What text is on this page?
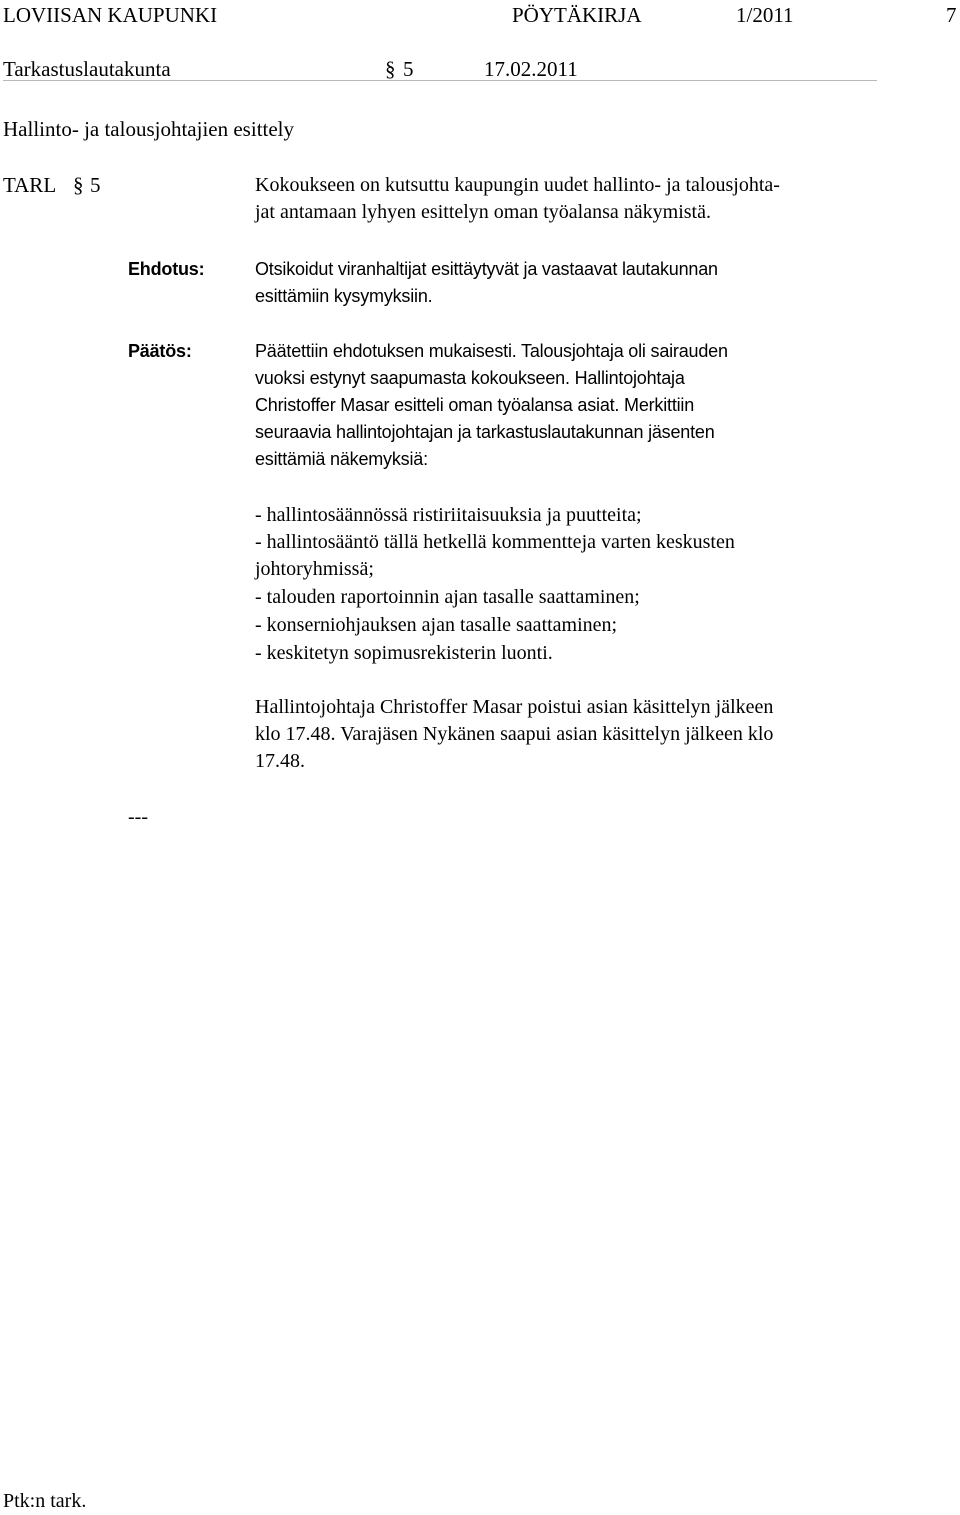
LOVIISAN KAUPUNKI	PÖYTÄKIRJA	1/2011	7
Tarkastuslautakunta	§ 5	17.02.2011
Hallinto- ja talousjohtajien esittely
TARL § 5	Kokoukseen on kutsuttu kaupungin uudet hallinto- ja talousjohta-
jat antamaan lyhyen esittelyn oman työalansa näkymistä.
Ehdotus:	Otsikoidut viranhaltijat esittäytyvät ja vastaavat lautakunnan
esittämiin kysymyksiin.
Päätös:	Päätettiin ehdotuksen mukaisesti. Talousjohtaja oli sairauden
vuoksi estynyt saapumasta kokoukseen. Hallintojohtaja
Christoffer Masar esitteli oman työalansa asiat. Merkittiin
seuraavia hallintojohtajan ja tarkastuslautakunnan jäsenten
esittämiä näkemyksiä:
- hallintosäännössä ristiriitaisuuksia ja puutteita;
- hallintosääntö tällä hetkellä kommentteja varten keskusten
johtoryhmissä;
- talouden raportoinnin ajan tasalle saattaminen;
- konserniohjauksen ajan tasalle saattaminen;
- keskitetyn sopimusrekisterin luonti.
Hallintojohtaja Christoffer Masar poistui asian käsittelyn jälkeen
klo 17.48. Varajäsen Nykänen saapui asian käsittelyn jälkeen klo
17.48.
---
Ptk:n tark.
